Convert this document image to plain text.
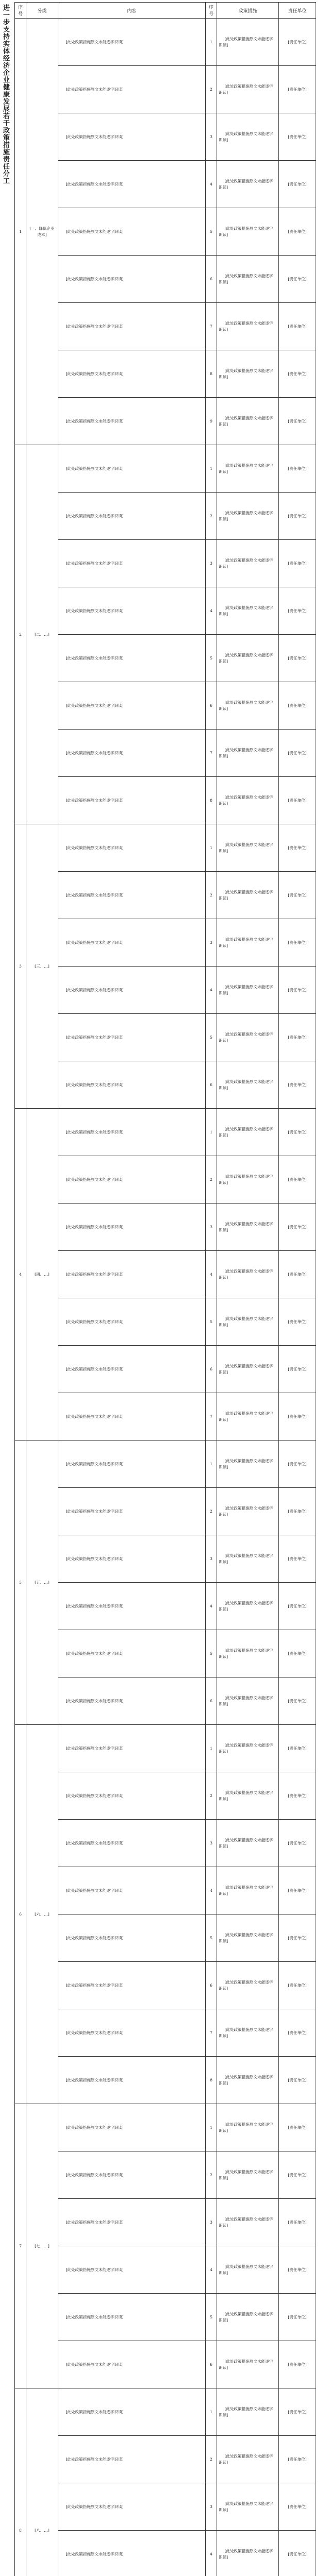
进一步支持实体经济企业健康发展若干政策措施责任分工 序号	分类	内容	序号	政策措施	责任单位
1	[一、降低企业成本]	[此处政策措施原文未能逐字识读]	1	[此处政策措施原文未能逐字识读]	[责任单位]
		[此处政策措施原文未能逐字识读]	2	[此处政策措施原文未能逐字识读]	[责任单位]
		[此处政策措施原文未能逐字识读]	3	[此处政策措施原文未能逐字识读]	[责任单位]
		[此处政策措施原文未能逐字识读]	4	[此处政策措施原文未能逐字识读]	[责任单位]
		[此处政策措施原文未能逐字识读]	5	[此处政策措施原文未能逐字识读]	[责任单位]
		[此处政策措施原文未能逐字识读]	6	[此处政策措施原文未能逐字识读]	[责任单位]
		[此处政策措施原文未能逐字识读]	7	[此处政策措施原文未能逐字识读]	[责任单位]
		[此处政策措施原文未能逐字识读]	8	[此处政策措施原文未能逐字识读]	[责任单位]
		[此处政策措施原文未能逐字识读]	9	[此处政策措施原文未能逐字识读]	[责任单位]
2	[二、…]	[此处政策措施原文未能逐字识读]	1	[此处政策措施原文未能逐字识读]	[责任单位]
		[此处政策措施原文未能逐字识读]	2	[此处政策措施原文未能逐字识读]	[责任单位]
		[此处政策措施原文未能逐字识读]	3	[此处政策措施原文未能逐字识读]	[责任单位]
		[此处政策措施原文未能逐字识读]	4	[此处政策措施原文未能逐字识读]	[责任单位]
		[此处政策措施原文未能逐字识读]	5	[此处政策措施原文未能逐字识读]	[责任单位]
		[此处政策措施原文未能逐字识读]	6	[此处政策措施原文未能逐字识读]	[责任单位]
		[此处政策措施原文未能逐字识读]	7	[此处政策措施原文未能逐字识读]	[责任单位]
		[此处政策措施原文未能逐字识读]	8	[此处政策措施原文未能逐字识读]	[责任单位]
3	[三、…]	[此处政策措施原文未能逐字识读]	1	[此处政策措施原文未能逐字识读]	[责任单位]
		[此处政策措施原文未能逐字识读]	2	[此处政策措施原文未能逐字识读]	[责任单位]
		[此处政策措施原文未能逐字识读]	3	[此处政策措施原文未能逐字识读]	[责任单位]
		[此处政策措施原文未能逐字识读]	4	[此处政策措施原文未能逐字识读]	[责任单位]
		[此处政策措施原文未能逐字识读]	5	[此处政策措施原文未能逐字识读]	[责任单位]
		[此处政策措施原文未能逐字识读]	6	[此处政策措施原文未能逐字识读]	[责任单位]
4	[四、…]	[此处政策措施原文未能逐字识读]	1	[此处政策措施原文未能逐字识读]	[责任单位]
		[此处政策措施原文未能逐字识读]	2	[此处政策措施原文未能逐字识读]	[责任单位]
		[此处政策措施原文未能逐字识读]	3	[此处政策措施原文未能逐字识读]	[责任单位]
		[此处政策措施原文未能逐字识读]	4	[此处政策措施原文未能逐字识读]	[责任单位]
		[此处政策措施原文未能逐字识读]	5	[此处政策措施原文未能逐字识读]	[责任单位]
		[此处政策措施原文未能逐字识读]	6	[此处政策措施原文未能逐字识读]	[责任单位]
		[此处政策措施原文未能逐字识读]	7	[此处政策措施原文未能逐字识读]	[责任单位]
5	[五、…]	[此处政策措施原文未能逐字识读]	1	[此处政策措施原文未能逐字识读]	[责任单位]
		[此处政策措施原文未能逐字识读]	2	[此处政策措施原文未能逐字识读]	[责任单位]
		[此处政策措施原文未能逐字识读]	3	[此处政策措施原文未能逐字识读]	[责任单位]
		[此处政策措施原文未能逐字识读]	4	[此处政策措施原文未能逐字识读]	[责任单位]
		[此处政策措施原文未能逐字识读]	5	[此处政策措施原文未能逐字识读]	[责任单位]
		[此处政策措施原文未能逐字识读]	6	[此处政策措施原文未能逐字识读]	[责任单位]
6	[六、…]	[此处政策措施原文未能逐字识读]	1	[此处政策措施原文未能逐字识读]	[责任单位]
		[此处政策措施原文未能逐字识读]	2	[此处政策措施原文未能逐字识读]	[责任单位]
		[此处政策措施原文未能逐字识读]	3	[此处政策措施原文未能逐字识读]	[责任单位]
		[此处政策措施原文未能逐字识读]	4	[此处政策措施原文未能逐字识读]	[责任单位]
		[此处政策措施原文未能逐字识读]	5	[此处政策措施原文未能逐字识读]	[责任单位]
		[此处政策措施原文未能逐字识读]	6	[此处政策措施原文未能逐字识读]	[责任单位]
		[此处政策措施原文未能逐字识读]	7	[此处政策措施原文未能逐字识读]	[责任单位]
		[此处政策措施原文未能逐字识读]	8	[此处政策措施原文未能逐字识读]	[责任单位]
7	[七、…]	[此处政策措施原文未能逐字识读]	1	[此处政策措施原文未能逐字识读]	[责任单位]
		[此处政策措施原文未能逐字识读]	2	[此处政策措施原文未能逐字识读]	[责任单位]
		[此处政策措施原文未能逐字识读]	3	[此处政策措施原文未能逐字识读]	[责任单位]
		[此处政策措施原文未能逐字识读]	4	[此处政策措施原文未能逐字识读]	[责任单位]
		[此处政策措施原文未能逐字识读]	5	[此处政策措施原文未能逐字识读]	[责任单位]
		[此处政策措施原文未能逐字识读]	6	[此处政策措施原文未能逐字识读]	[责任单位]
8	[八、…]	[此处政策措施原文未能逐字识读]	1	[此处政策措施原文未能逐字识读]	[责任单位]
		[此处政策措施原文未能逐字识读]	2	[此处政策措施原文未能逐字识读]	[责任单位]
		[此处政策措施原文未能逐字识读]	3	[此处政策措施原文未能逐字识读]	[责任单位]
		[此处政策措施原文未能逐字识读]	4	[此处政策措施原文未能逐字识读]	[责任单位]
